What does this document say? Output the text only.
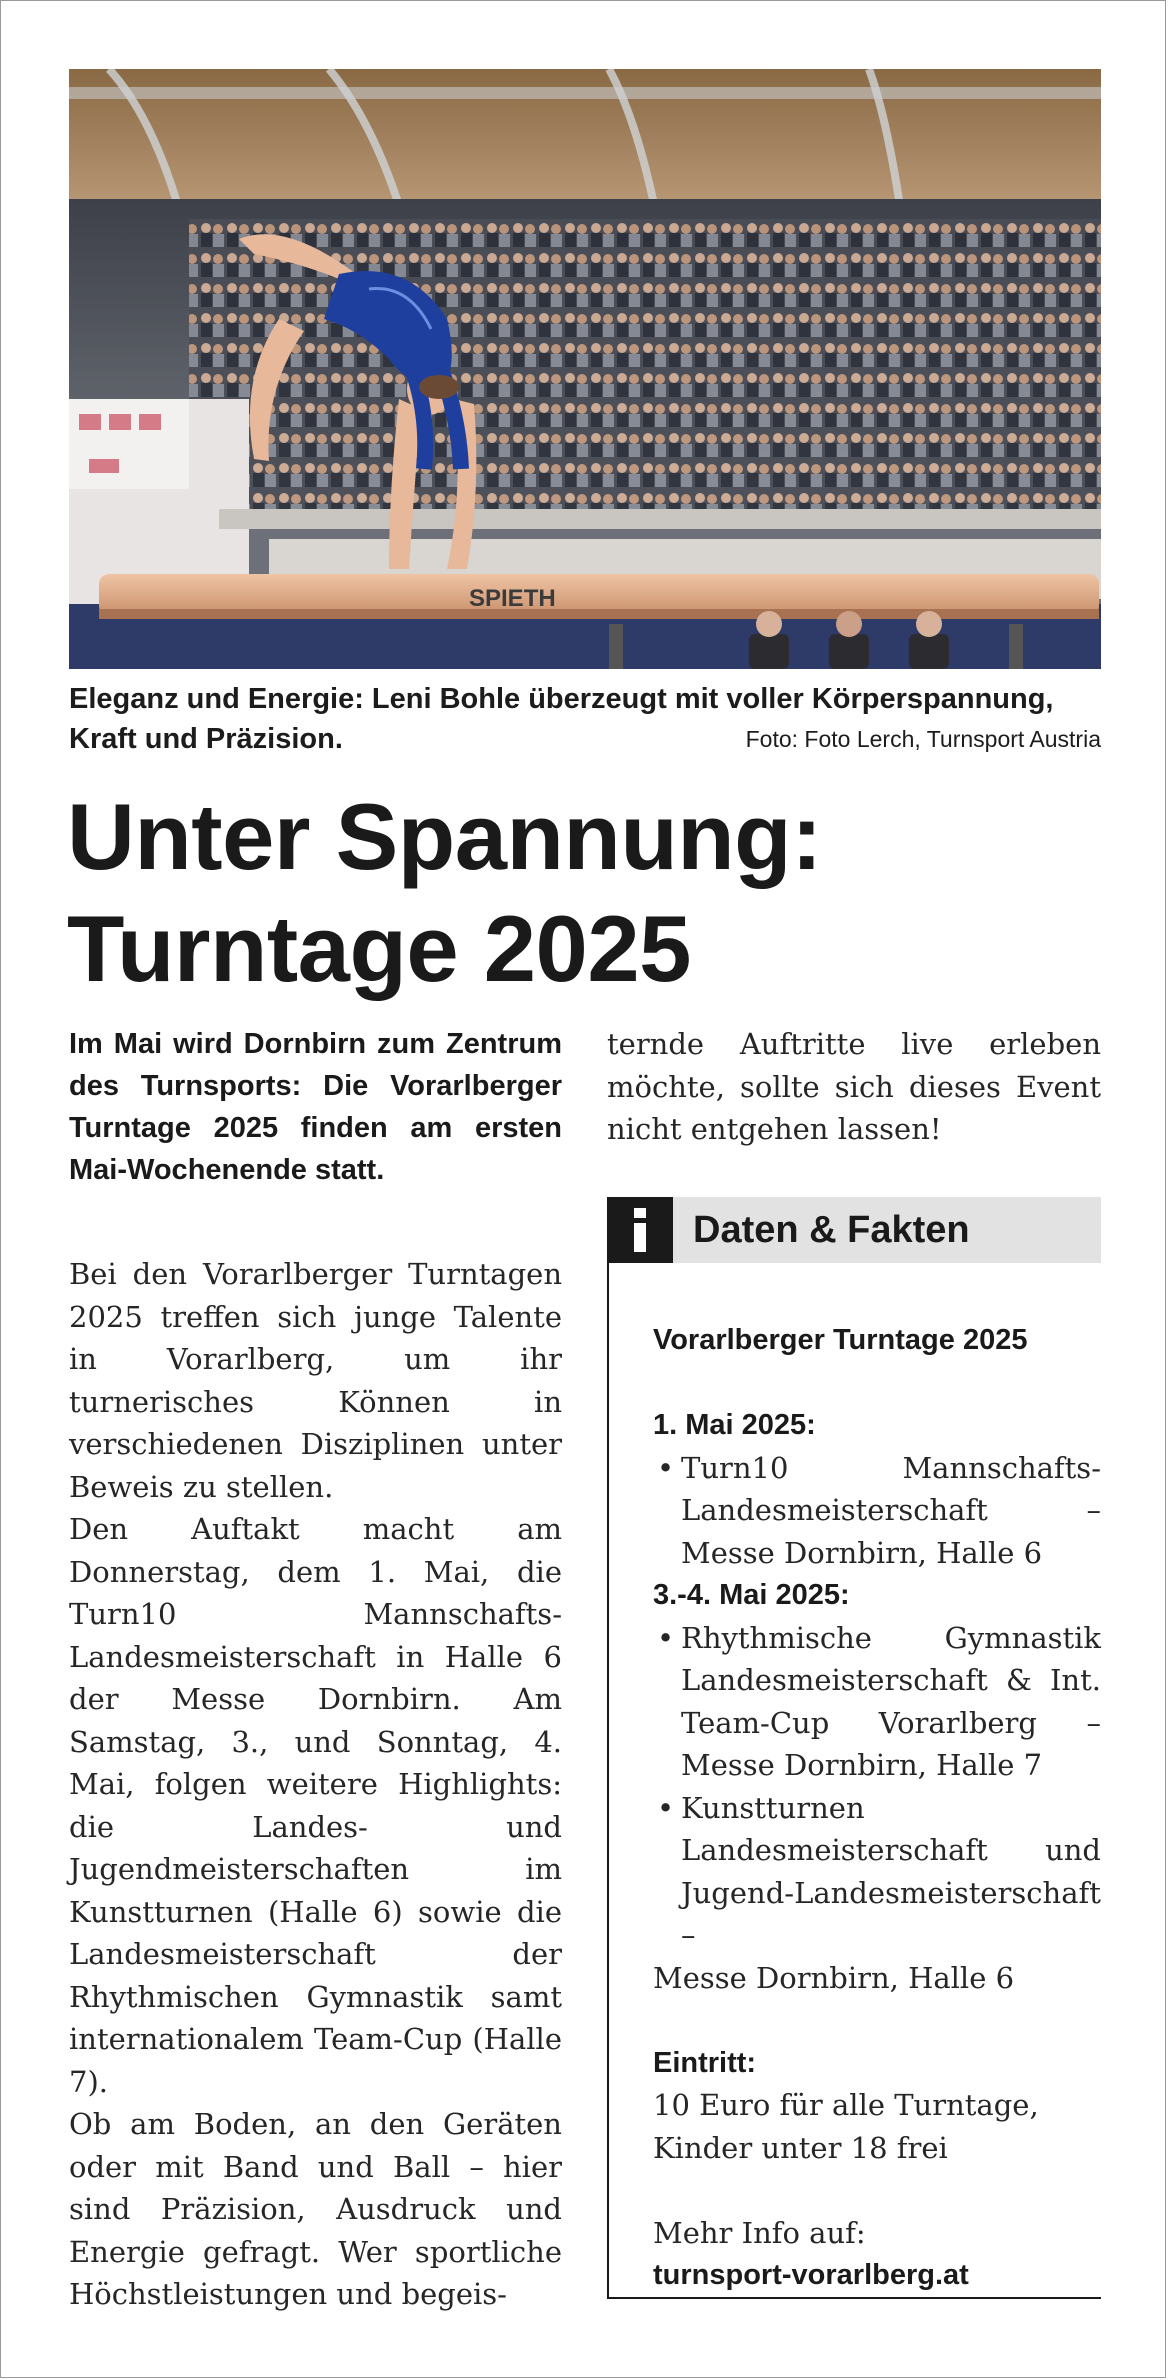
SPIETH
Eleganz und Energie: Leni Bohle überzeugt mit voller Körperspannung, Kraft und Präzision.	Foto: Foto Lerch, Turnsport Austria
Unter Spannung:
Turntage 2025

Im Mai wird Dornbirn zum Zentrum des Turnsports: Die Vorarlberger Turntage 2025 finden am ersten Mai-Wochenende statt.

Bei den Vorarlberger Turntagen 2025 treffen sich junge Talente in Vorarlberg, um ihr turnerisches Können in verschiedenen Disziplinen unter Beweis zu stellen.

Den Auftakt macht am Donnerstag, dem 1. Mai, die Turn10 Mannschafts-Landesmeisterschaft in Halle 6 der Messe Dornbirn. Am Samstag, 3., und Sonntag, 4. Mai, folgen weitere Highlights: die Landes- und Jugendmeisterschaften im Kunstturnen (Halle 6) sowie die Landesmeisterschaft der Rhythmischen Gymnastik samt internationalem Team-Cup (Halle 7).

Ob am Boden, an den Geräten oder mit Band und Ball – hier sind Präzision, Ausdruck und Energie gefragt. Wer sportliche Höchstleistungen und begeis-

ternde Auftritte live erleben möchte, sollte sich dieses Event nicht entgehen lassen!
Daten & Fakten
Vorarlberger Turntage 2025
1. Mai 2025:
• Turn10 Mannschafts-Landesmeisterschaft – Messe Dornbirn, Halle 6
3.-4. Mai 2025:
• Rhythmische Gymnastik Landesmeisterschaft & Int. Team-Cup Vorarlberg – Messe Dornbirn, Halle 7
• Kunstturnen Landesmeisterschaft und Jugend-Landesmeisterschaft –
Messe Dornbirn, Halle 6
Eintritt:
10 Euro für alle Turntage,
Kinder unter 18 frei
Mehr Info auf:
turnsport-vorarlberg.at
